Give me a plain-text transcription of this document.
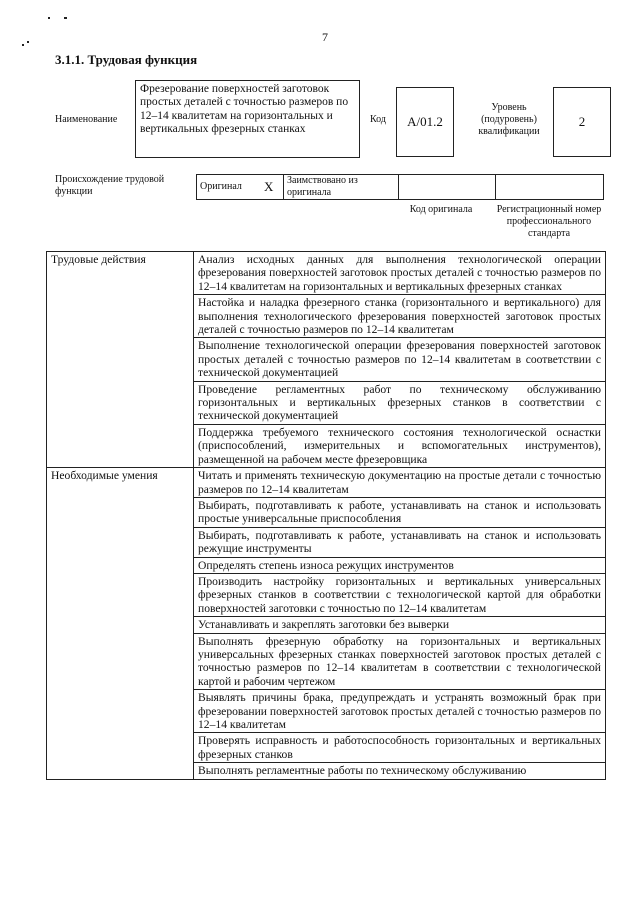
7
3.1.1. Трудовая функция
Наименование
Фрезерование поверхностей заготовок простых деталей с точностью размеров по 12–14 квалитетам на горизонтальных и вертикальных фрезерных станках
Код	А/01.2
Уровень (подуровень) квалификации
2
Происхождение трудовой функции	Оригинал	X	Заимствовано из оригинала		
Код оригинала	Регистрационный номер профессионального стандарта
Трудовые действия	Анализ исходных данных для выполнения технологической операции фрезерования поверхностей заготовок простых деталей с точностью размеров по 12–14 квалитетам на горизонтальных и вертикальных фрезерных станках
	Настойка и наладка фрезерного станка (горизонтального и вертикального) для выполнения технологического фрезерования поверхностей заготовок простых деталей с точностью размеров по 12–14 квалитетам
	Выполнение технологической операции фрезерования поверхностей заготовок простых деталей с точностью размеров по 12–14 квалитетам в соответствии с технической документацией
	Проведение регламентных работ по техническому обслуживанию горизонтальных и вертикальных фрезерных станков в соответствии с технической документацией
	Поддержка требуемого технического состояния технологической оснастки (приспособлений, измерительных и вспомогательных инструментов), размещенной на рабочем месте фрезеровщика
Необходимые умения	Читать и применять техническую документацию на простые детали с точностью размеров по 12–14 квалитетам
	Выбирать, подготавливать к работе, устанавливать на станок и использовать простые универсальные приспособления
	Выбирать, подготавливать к работе, устанавливать на станок и использовать режущие инструменты
	Определять степень износа режущих инструментов
	Производить настройку горизонтальных и вертикальных универсальных фрезерных станков в соответствии с технологической картой для обработки поверхностей заготовки с точностью по 12–14 квалитетам
	Устанавливать и закреплять заготовки без выверки
	Выполнять фрезерную обработку на горизонтальных и вертикальных универсальных фрезерных станках поверхностей заготовок простых деталей с точностью размеров по 12–14 квалитетам в соответствии с технологической картой и рабочим чертежом
	Выявлять причины брака, предупреждать и устранять возможный брак при фрезеровании поверхностей заготовок простых деталей с точностью размеров по 12–14 квалитетам
	Проверять исправность и работоспособность горизонтальных и вертикальных фрезерных станков
	Выполнять регламентные работы по техническому обслуживанию
